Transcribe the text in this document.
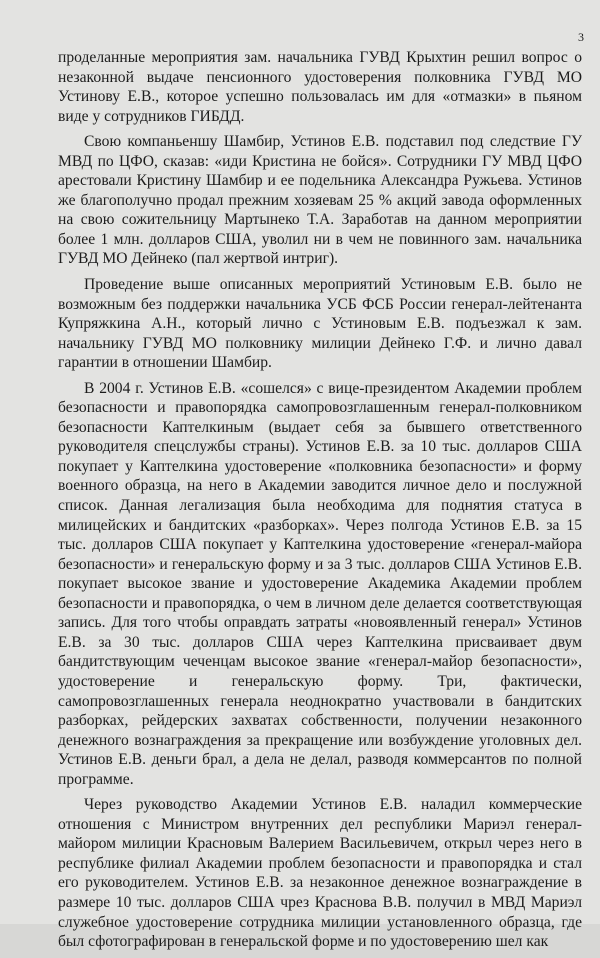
3

проделанные мероприятия зам. начальника ГУВД Крыхтин решил вопрос о незаконной выдаче пенсионного удостоверения полковника ГУВД МО Устинову Е.В., которое успешно пользовалась им для «отмазки» в пьяном виде у сотрудников ГИБДД.

Свою компаньеншу Шамбир, Устинов Е.В. подставил под следствие ГУ МВД по ЦФО, сказав: «иди Кристина не бойся». Сотрудники ГУ МВД ЦФО арестовали Кристину Шамбир и ее подельника Александра Ружьева. Устинов же благополучно продал прежним хозяевам 25 % акций завода оформленных на свою сожительницу Мартынеко Т.А. Заработав на данном мероприятии более 1 млн. долларов США, уволил ни в чем не повинного зам. начальника ГУВД МО Дейнеко (пал жертвой интриг).

Проведение выше описанных мероприятий Устиновым Е.В. было не возможным без поддержки начальника УСБ ФСБ России генерал-лейтенанта Купряжкина А.Н., который лично с Устиновым Е.В. подъезжал к зам. начальнику ГУВД МО полковнику милиции Дейнеко Г.Ф. и лично давал гарантии в отношении Шамбир.

В 2004 г. Устинов Е.В. «сошелся» с вице-президентом Академии проблем безопасности и правопорядка самопровозглашенным генерал-полковником безопасности Каптелкиным (выдает себя за бывшего ответственного руководителя спецслужбы страны). Устинов Е.В. за 10 тыс. долларов США покупает у Каптелкина удостоверение «полковника безопасности» и форму военного образца, на него в Академии заводится личное дело и послужной список. Данная легализация была необходима для поднятия статуса в милицейских и бандитских «разборках». Через полгода Устинов Е.В. за 15 тыс. долларов США покупает у Каптелкина удостоверение «генерал-майора безопасности» и генеральскую форму и за 3 тыс. долларов США Устинов Е.В. покупает высокое звание и удостоверение Академика Академии проблем безопасности и правопорядка, о чем в личном деле делается соответствующая запись. Для того чтобы оправдать затраты «новоявленный генерал» Устинов Е.В. за 30 тыс. долларов США через Каптелкина присваивает двум бандитствующим чеченцам высокое звание «генерал-майор безопасности», удостоверение и генеральскую форму. Три, фактически, самопровозглашенных генерала неоднократно участвовали в бандитских разборках, рейдерских захватах собственности, получении незаконного денежного вознаграждения за прекращение или возбуждение уголовных дел. Устинов Е.В. деньги брал, а дела не делал, разводя коммерсантов по полной программе.

Через руководство Академии Устинов Е.В. наладил коммерческие отношения с Министром внутренних дел республики Мариэл генерал-майором милиции Красновым Валерием Васильевичем, открыл через него в республике филиал Академии проблем безопасности и правопорядка и стал его руководителем. Устинов Е.В. за незаконное денежное вознаграждение в размере 10 тыс. долларов США чрез Краснова В.В. получил в МВД Мариэл служебное удостоверение сотрудника милиции установленного образца, где был сфотографирован в генеральской форме и по удостоверению шел как
